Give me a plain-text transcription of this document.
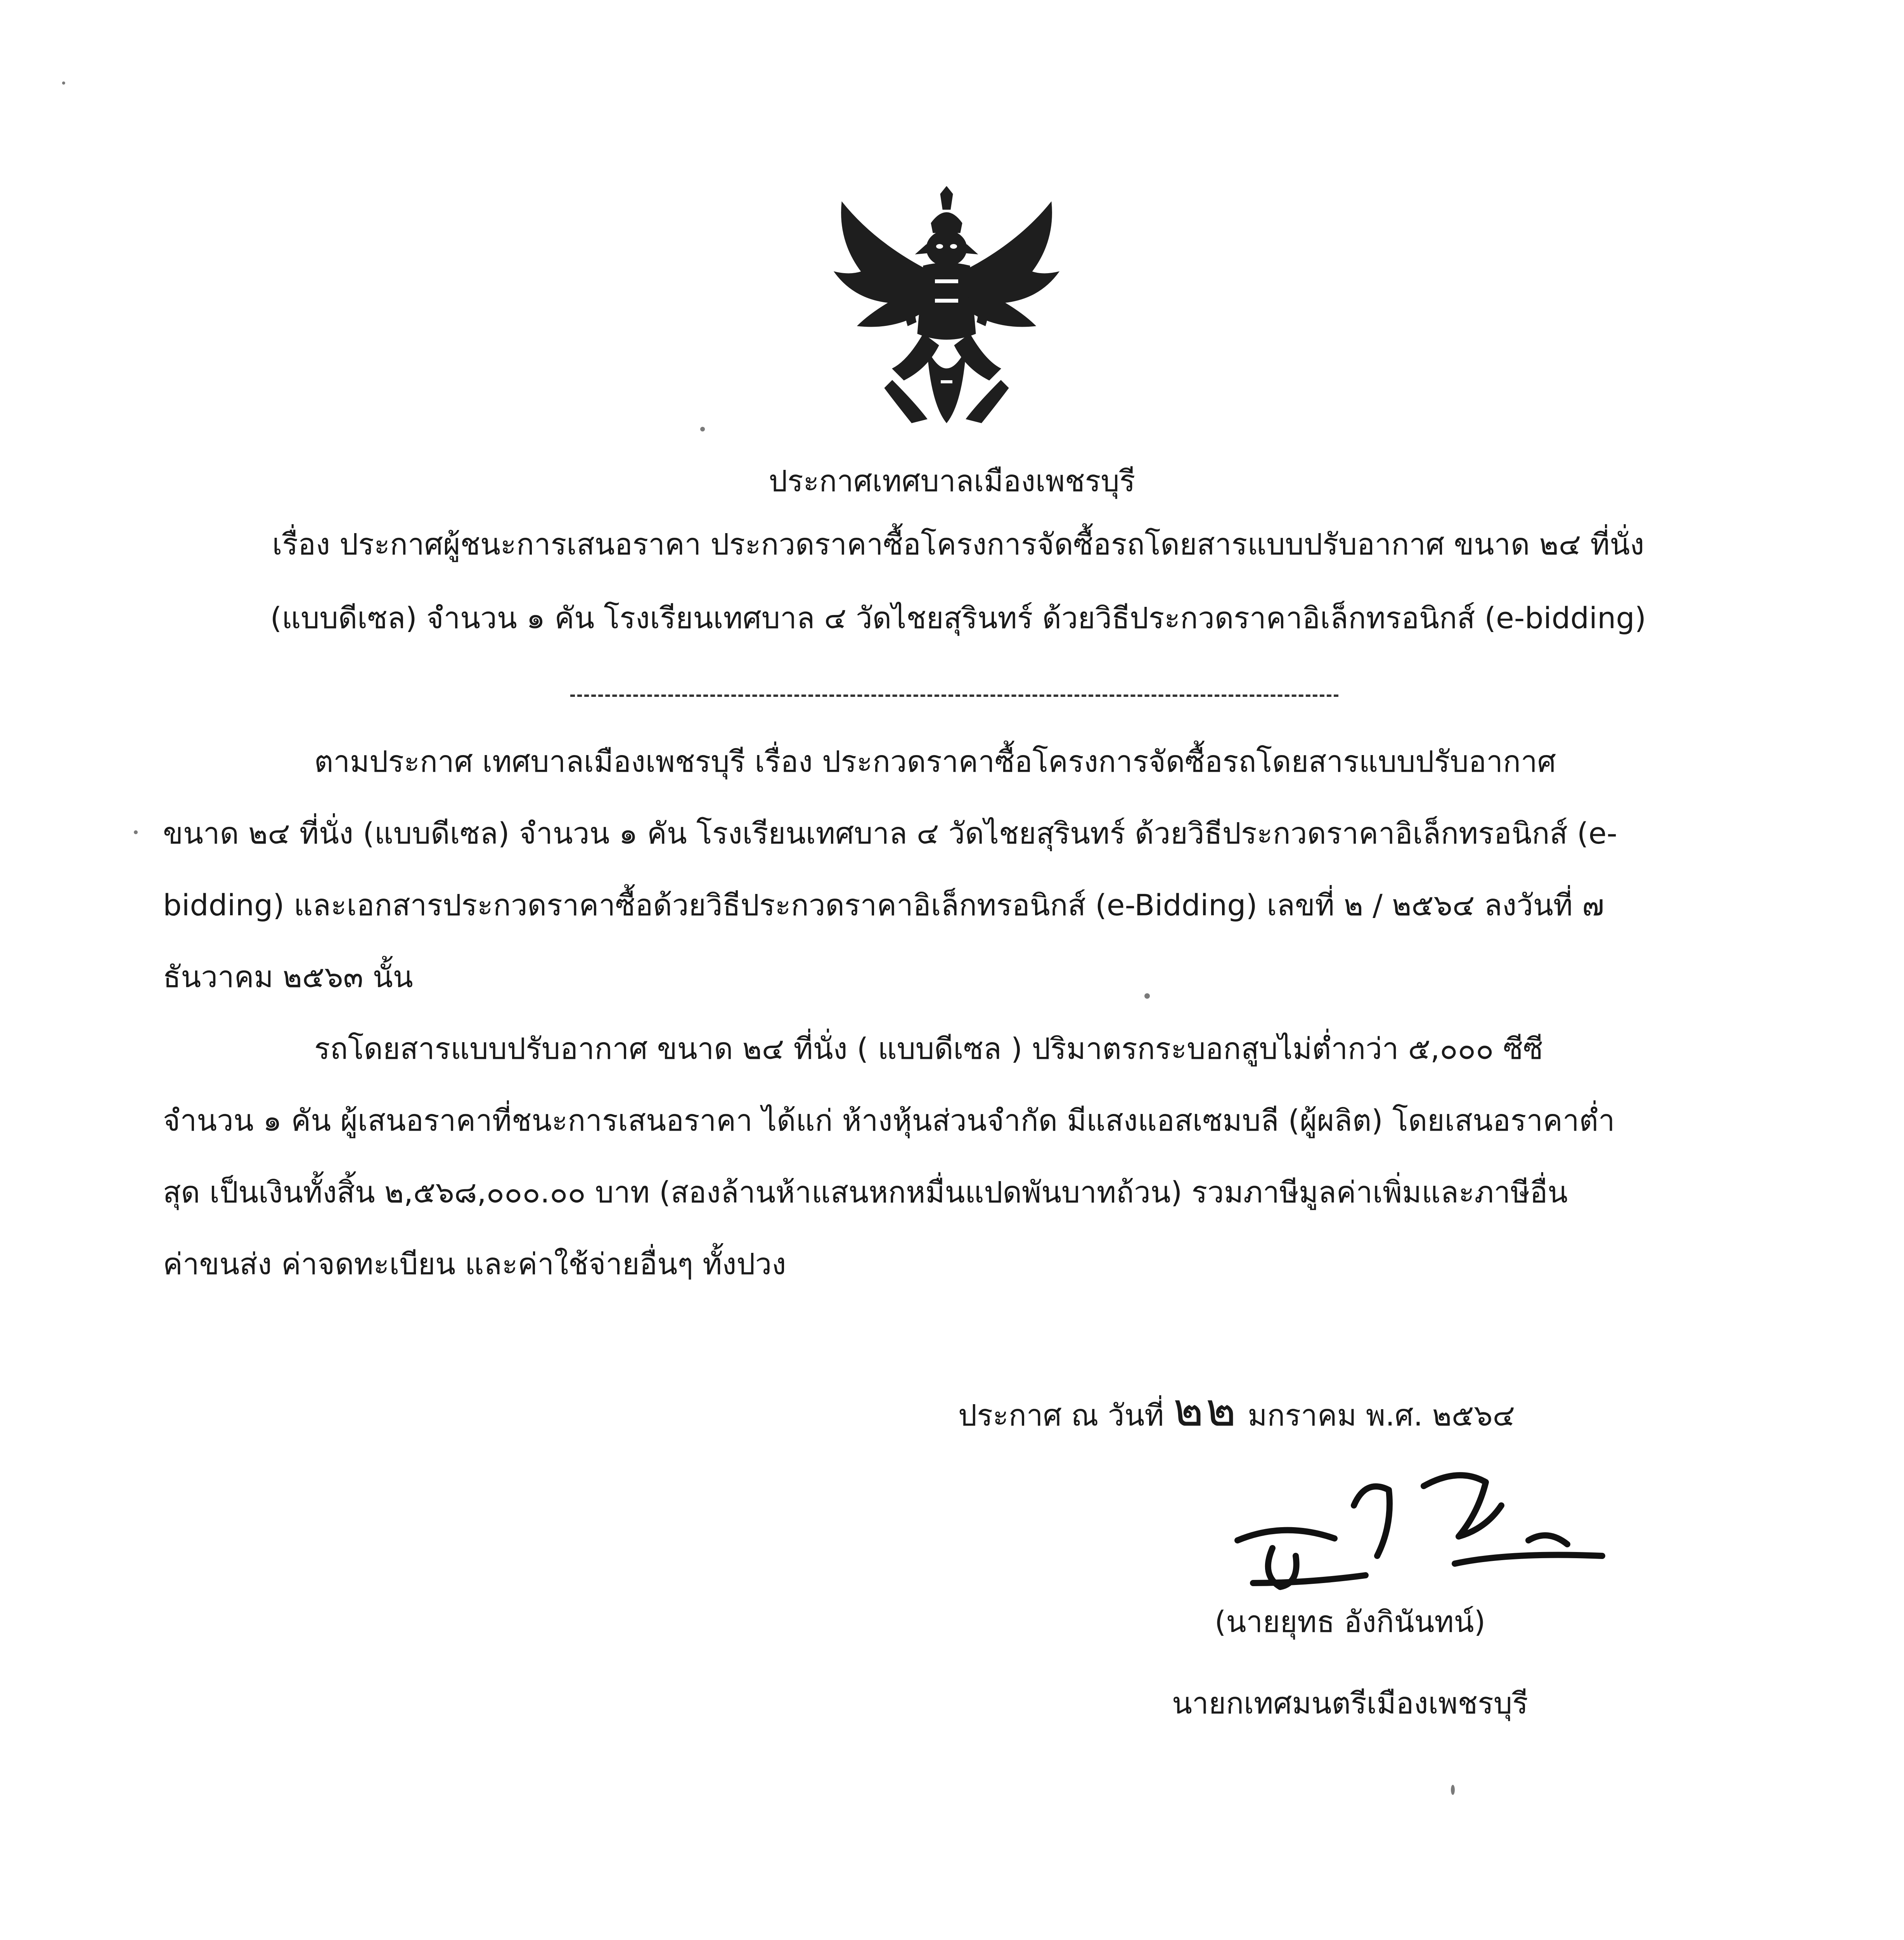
ประกาศเทศบาลเมืองเพชรบุรี
เรื่อง ประกาศผู้ชนะการเสนอราคา ประกวดราคาซื้อโครงการจัดซื้อรถโดยสารแบบปรับอากาศ ขนาด ๒๔ ที่นั่ง
(แบบดีเซล) จำนวน ๑ คัน โรงเรียนเทศบาล ๔ วัดไชยสุรินทร์ ด้วยวิธีประกวดราคาอิเล็กทรอนิกส์ (e-bidding)
ตามประกาศ เทศบาลเมืองเพชรบุรี เรื่อง ประกวดราคาซื้อโครงการจัดซื้อรถโดยสารแบบปรับอากาศ
ขนาด ๒๔ ที่นั่ง (แบบดีเซล) จำนวน ๑ คัน โรงเรียนเทศบาล ๔ วัดไชยสุรินทร์ ด้วยวิธีประกวดราคาอิเล็กทรอนิกส์ (e-
bidding) และเอกสารประกวดราคาซื้อด้วยวิธีประกวดราคาอิเล็กทรอนิกส์ (e-Bidding) เลขที่ ๒ / ๒๕๖๔ ลงวันที่ ๗
ธันวาคม ๒๕๖๓ นั้น
รถโดยสารแบบปรับอากาศ ขนาด ๒๔ ที่นั่ง ( แบบดีเซล ) ปริมาตรกระบอกสูบไม่ต่ำกว่า ๕,๐๐๐ ซีซี
จำนวน ๑ คัน ผู้เสนอราคาที่ชนะการเสนอราคา ได้แก่ ห้างหุ้นส่วนจำกัด มีแสงแอสเซมบลี (ผู้ผลิต) โดยเสนอราคาต่ำ
สุด เป็นเงินทั้งสิ้น ๒,๕๖๘,๐๐๐.๐๐ บาท (สองล้านห้าแสนหกหมื่นแปดพันบาทถ้วน) รวมภาษีมูลค่าเพิ่มและภาษีอื่น
ค่าขนส่ง ค่าจดทะเบียน และค่าใช้จ่ายอื่นๆ ทั้งปวง
ประกาศ ณ วันที่ ๒๒ มกราคม พ.ศ. ๒๕๖๔
(นายยุทธ อังกินันทน์)
นายกเทศมนตรีเมืองเพชรบุรี
